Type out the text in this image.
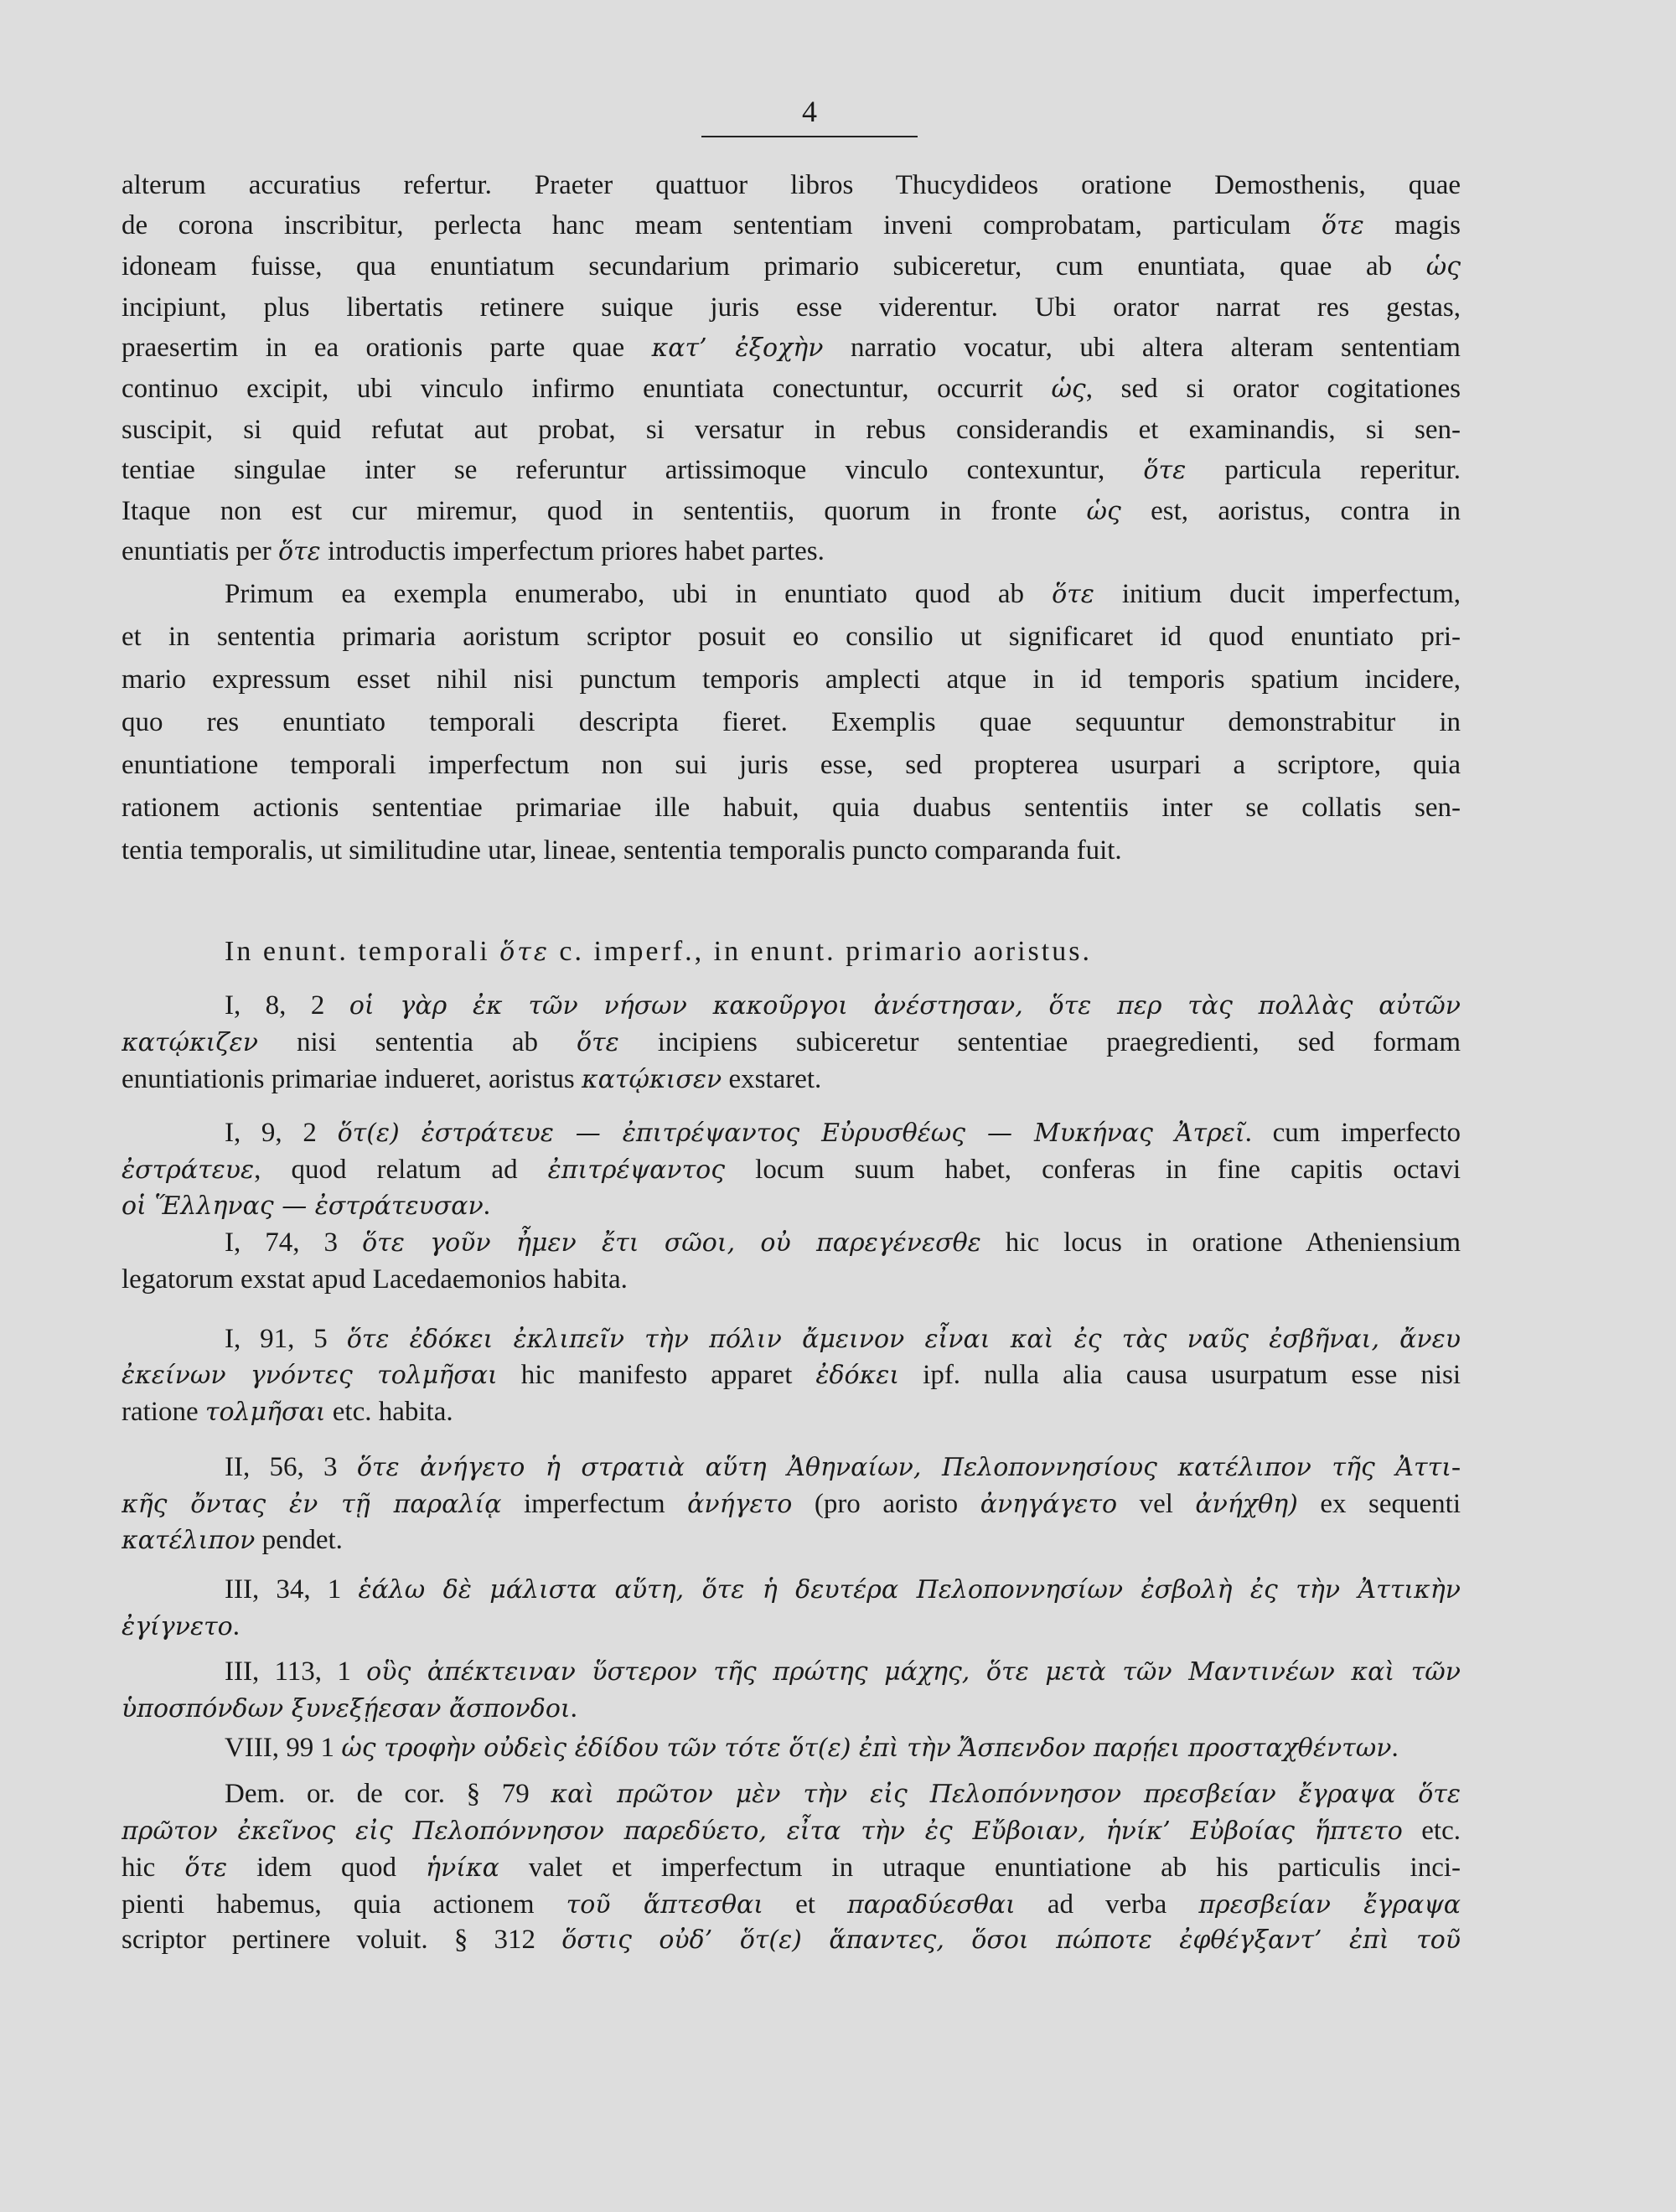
4
alterum accuratius refertur. Praeter quattuor libros Thucydideos oratione Demosthenis, quae
de corona inscribitur, perlecta hanc meam sententiam inveni comprobatam, particulam ὅτε magis
idoneam fuisse, qua enuntiatum secundarium primario subiceretur, cum enuntiata, quae ab ὡς
incipiunt, plus libertatis retinere suique juris esse viderentur. Ubi orator narrat res gestas,
praesertim in ea orationis parte quae κατ’ ἐξοχὴν narratio vocatur, ubi altera alteram sententiam
continuo excipit, ubi vinculo infirmo enuntiata conectuntur, occurrit ὡς, sed si orator cogitationes
suscipit, si quid refutat aut probat, si versatur in rebus considerandis et examinandis, si sen-
tentiae singulae inter se referuntur artissimoque vinculo contexuntur, ὅτε particula reperitur.
Itaque non est cur miremur, quod in sententiis, quorum in fronte ὡς est, aoristus, contra in
enuntiatis per ὅτε introductis imperfectum priores habet partes.
Primum ea exempla enumerabo, ubi in enuntiato quod ab ὅτε initium ducit imperfectum,
et in sententia primaria aoristum scriptor posuit eo consilio ut significaret id quod enuntiato pri-
mario expressum esset nihil nisi punctum temporis amplecti atque in id temporis spatium incidere,
quo res enuntiato temporali descripta fieret. Exemplis quae sequuntur demonstrabitur in
enuntiatione temporali imperfectum non sui juris esse, sed propterea usurpari a scriptore, quia
rationem actionis sententiae primariae ille habuit, quia duabus sententiis inter se collatis sen-
tentia temporalis, ut similitudine utar, lineae, sententia temporalis puncto comparanda fuit.
In enunt. temporali ὅτε c. imperf., in enunt. primario aoristus.
I, 8, 2 οἱ γὰρ ἐκ τῶν νήσων κακοῦργοι ἀνέστησαν, ὅτε περ τὰς πολλὰς αὐτῶν
κατῴκιζεν nisi sententia ab ὅτε incipiens subiceretur sententiae praegredienti, sed formam
enuntiationis primariae indueret, aoristus κατῴκισεν exstaret.
I, 9, 2 ὅτ(ε) ἐστράτευε — ἐπιτρέψαντος Εὐρυσθέως — Μυκήνας Ἀτρεῖ. cum imperfecto
ἐστράτευε, quod relatum ad ἐπιτρέψαντος locum suum habet, conferas in fine capitis octavi
οἱ Ἕλληνας — ἐστράτευσαν.
I, 74, 3 ὅτε γοῦν ἦμεν ἔτι σῶοι, οὐ παρεγένεσθε hic locus in oratione Atheniensium
legatorum exstat apud Lacedaemonios habita.
I, 91, 5 ὅτε ἐδόκει ἐκλιπεῖν τὴν πόλιν ἄμεινον εἶναι καὶ ἐς τὰς ναῦς ἐσβῆναι, ἄνευ
ἐκείνων γνόντες τολμῆσαι hic manifesto apparet ἐδόκει ipf. nulla alia causa usurpatum esse nisi
ratione τολμῆσαι etc. habita.
II, 56, 3 ὅτε ἀνήγετο ἡ στρατιὰ αὕτη Ἀθηναίων, Πελοποννησίους κατέλιπον τῆς Ἀττι-
κῆς ὄντας ἐν τῇ παραλίᾳ imperfectum ἀνήγετο (pro aoristo ἀνηγάγετο vel ἀνήχθη) ex sequenti
κατέλιπον pendet.
III, 34, 1 ἑάλω δὲ μάλιστα αὕτη, ὅτε ἡ δευτέρα Πελοποννησίων ἐσβολὴ ἐς τὴν Ἀττικὴν
ἐγίγνετο.
III, 113, 1 οὓς ἀπέκτειναν ὕστερον τῆς πρώτης μάχης, ὅτε μετὰ τῶν Μαντινέων καὶ τῶν
ὑποσπόνδων ξυνεξῄεσαν ἄσπονδοι.
VIII, 99 1 ὡς τροφὴν οὐδεὶς ἐδίδου τῶν τότε ὅτ(ε) ἐπὶ τὴν Ἄσπενδον παρῄει προσταχθέντων.
Dem. or. de cor. § 79 καὶ πρῶτον μὲν τὴν εἰς Πελοπόννησον πρεσβείαν ἔγραψα ὅτε
πρῶτον ἐκεῖνος εἰς Πελοπόννησον παρεδύετο, εἶτα τὴν ἐς Εὔβοιαν, ἡνίκ’ Εὐβοίας ἥπτετο etc.
hic ὅτε idem quod ἡνίκα valet et imperfectum in utraque enuntiatione ab his particulis inci-
pienti habemus, quia actionem τοῦ ἅπτεσθαι et παραδύεσθαι ad verba πρεσβείαν ἔγραψα
scriptor pertinere voluit. § 312 ὅστις οὐδ’ ὅτ(ε) ἅπαντες, ὅσοι πώποτε ἐφθέγξαντ’ ἐπὶ τοῦ
